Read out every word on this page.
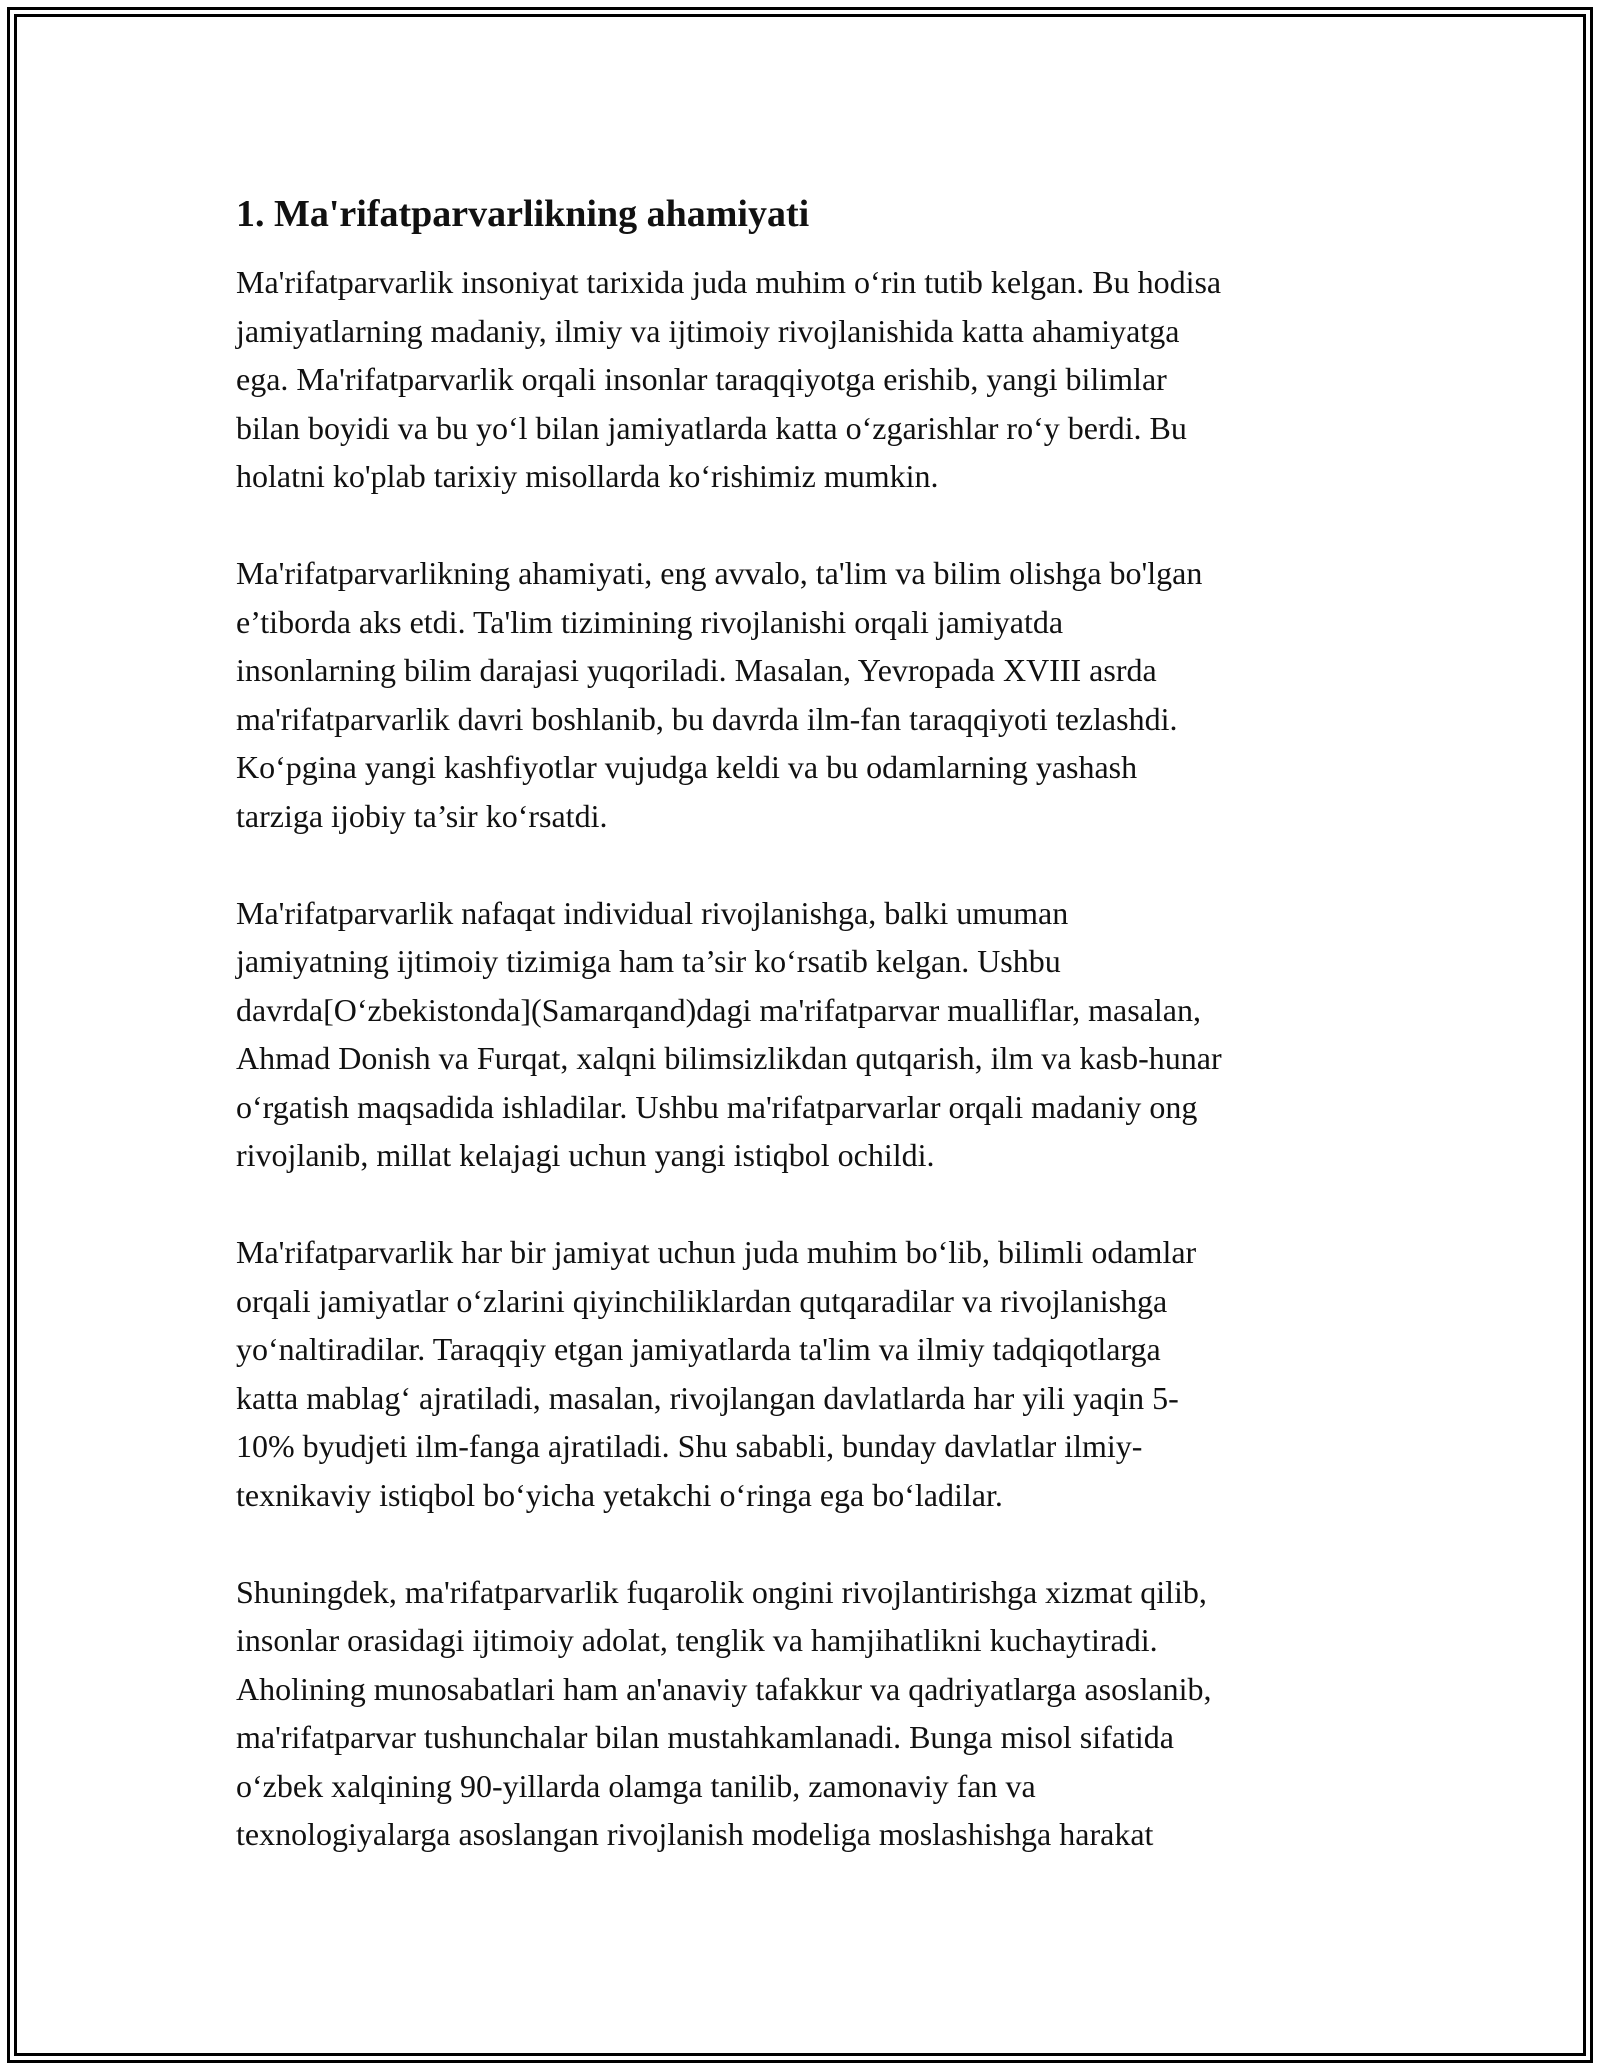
1. Ma'rifatparvarlikning ahamiyati

Ma'rifatparvarlik insoniyat tarixida juda muhim o‘rin tutib kelgan. Bu hodisa
jamiyatlarning madaniy, ilmiy va ijtimoiy rivojlanishida katta ahamiyatga
ega. Ma'rifatparvarlik orqali insonlar taraqqiyotga erishib, yangi bilimlar
bilan boyidi va bu yo‘l bilan jamiyatlarda katta o‘zgarishlar ro‘y berdi. Bu
holatni ko'plab tarixiy misollarda ko‘rishimiz mumkin.

Ma'rifatparvarlikning ahamiyati, eng avvalo, ta'lim va bilim olishga bo'lgan
e’tiborda aks etdi. Ta'lim tizimining rivojlanishi orqali jamiyatda
insonlarning bilim darajasi yuqoriladi. Masalan, Yevropada XVIII asrda
ma'rifatparvarlik davri boshlanib, bu davrda ilm-fan taraqqiyoti tezlashdi.
Ko‘pgina yangi kashfiyotlar vujudga keldi va bu odamlarning yashash
tarziga ijobiy ta’sir ko‘rsatdi.

Ma'rifatparvarlik nafaqat individual rivojlanishga, balki umuman
jamiyatning ijtimoiy tizimiga ham ta’sir ko‘rsatib kelgan. Ushbu
davrda[O‘zbekistonda](Samarqand)dagi ma'rifatparvar mualliflar, masalan,
Ahmad Donish va Furqat, xalqni bilimsizlikdan qutqarish, ilm va kasb-hunar
o‘rgatish maqsadida ishladilar. Ushbu ma'rifatparvarlar orqali madaniy ong
rivojlanib, millat kelajagi uchun yangi istiqbol ochildi.

Ma'rifatparvarlik har bir jamiyat uchun juda muhim bo‘lib, bilimli odamlar
orqali jamiyatlar o‘zlarini qiyinchiliklardan qutqaradilar va rivojlanishga
yo‘naltiradilar. Taraqqiy etgan jamiyatlarda ta'lim va ilmiy tadqiqotlarga
katta mablag‘ ajratiladi, masalan, rivojlangan davlatlarda har yili yaqin 5-
10% byudjeti ilm-fanga ajratiladi. Shu sababli, bunday davlatlar ilmiy-
texnikaviy istiqbol bo‘yicha yetakchi o‘ringa ega bo‘ladilar.

Shuningdek, ma'rifatparvarlik fuqarolik ongini rivojlantirishga xizmat qilib,
insonlar orasidagi ijtimoiy adolat, tenglik va hamjihatlikni kuchaytiradi.
Aholining munosabatlari ham an'anaviy tafakkur va qadriyatlarga asoslanib,
ma'rifatparvar tushunchalar bilan mustahkamlanadi. Bunga misol sifatida
o‘zbek xalqining 90-yillarda olamga tanilib, zamonaviy fan va
texnologiyalarga asoslangan rivojlanish modeliga moslashishga harakat
